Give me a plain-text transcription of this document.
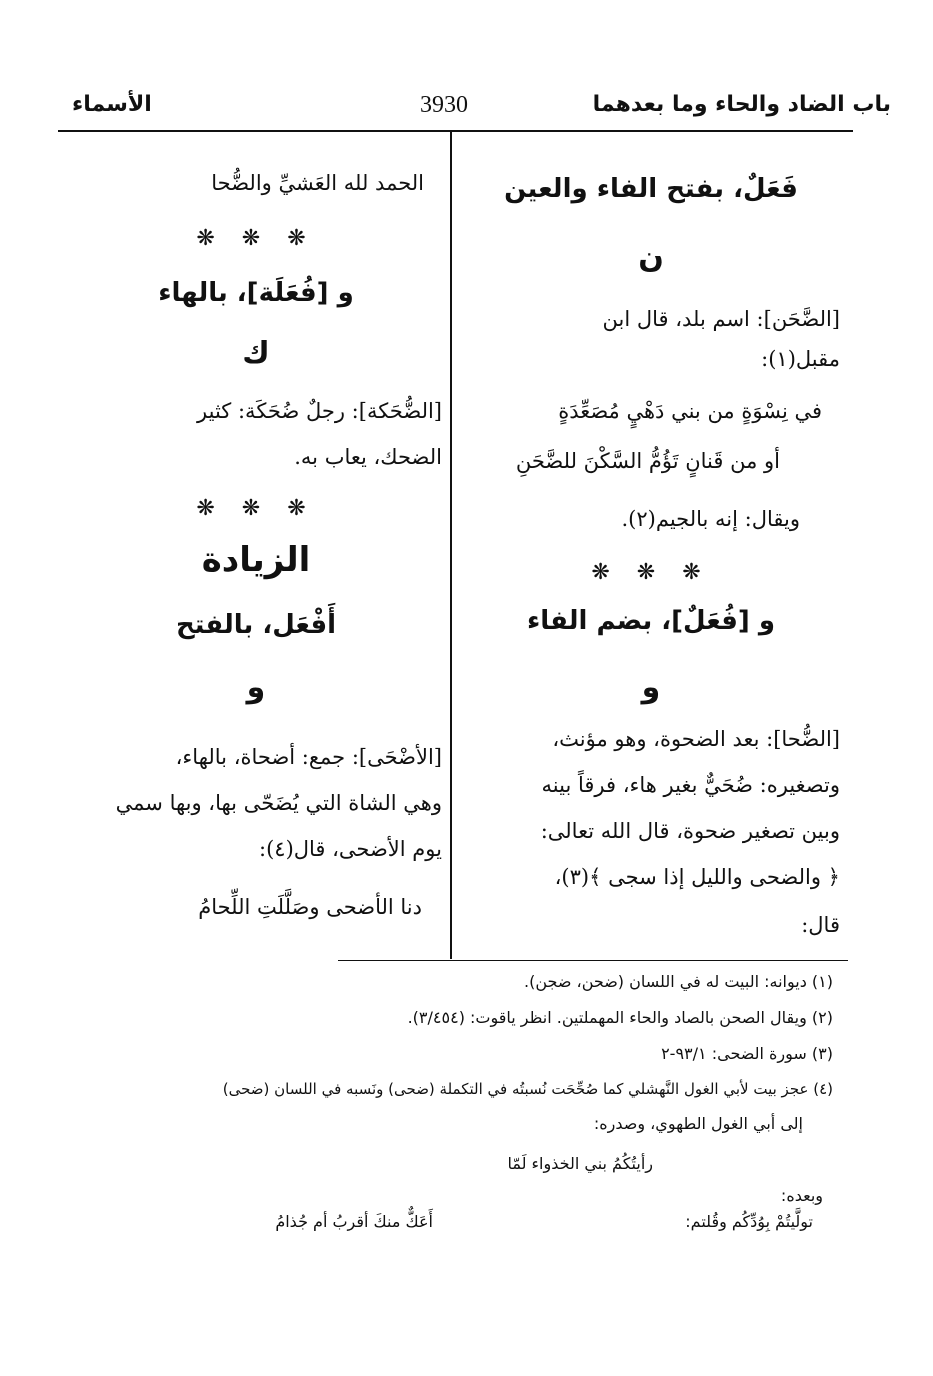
باب الضاد والحاء وما بعدهما
3930
الأسماء
فَعَلٌ، بفتح الفاء والعين
ن
[الضَّحَن]: اسم بلد، قال ابن
مقبل(١):
في نِسْوَةٍ من بني دَهْيٍ مُصَعِّدَةٍ
أو من قَنانٍ تَؤُمُّ السَّكْنَ للضَّحَنِ
ويقال: إنه بالجيم(٢).
❋ ❋ ❋
و [فُعَلٌ]، بضم الفاء
و
[الضُّحا]: بعد الضحوة، وهو مؤنث،
وتصغيره: ضُحَيٌّ بغير هاء، فرقاً بينه
وبين تصغير ضحوة، قال الله تعالى:
﴿ والضحى والليل إذا سجى ﴾(٣)،
قال:
الحمد لله العَشيِّ والضُّحا
❋ ❋ ❋
و [فُعَلَة]، بالهاء
ك
[الضُّحَكة]: رجلٌ ضُحَكَة: كثير
الضحك، يعاب به.
❋ ❋ ❋
الزيادة
أَفْعَل، بالفتح
و
[الأضْحَى]: جمع: أضحاة، بالهاء،
وهي الشاة التي يُضَحّى بها، وبها سمي
يوم الأضحى، قال(٤):
دنا الأضحى وصَلَّلَتِ اللِّحامُ
(١) ديوانه: البيت له في اللسان (ضحن، ضجن).
(٢) ويقال الصحن بالصاد والحاء المهملتين. انظر ياقوت: (٣/٤٥٤).
(٣) سورة الضحى: ٩٣/١-٢
(٤) عجز بيت لأبي الغول النَّهشلي كما صُحِّحَت نُسبتُه في التكملة (ضحى) ونَسبه في اللسان (ضحى)
إلى أبي الغول الطهوي، وصدره:
رأيتُكُمُ بني الخذواء لَمّا
وبعده:
تولَّيتُمْ بِوُدِّكُم وقُلتم:
أَعَكٌّ منكَ أقربُ أم جُذامُ
